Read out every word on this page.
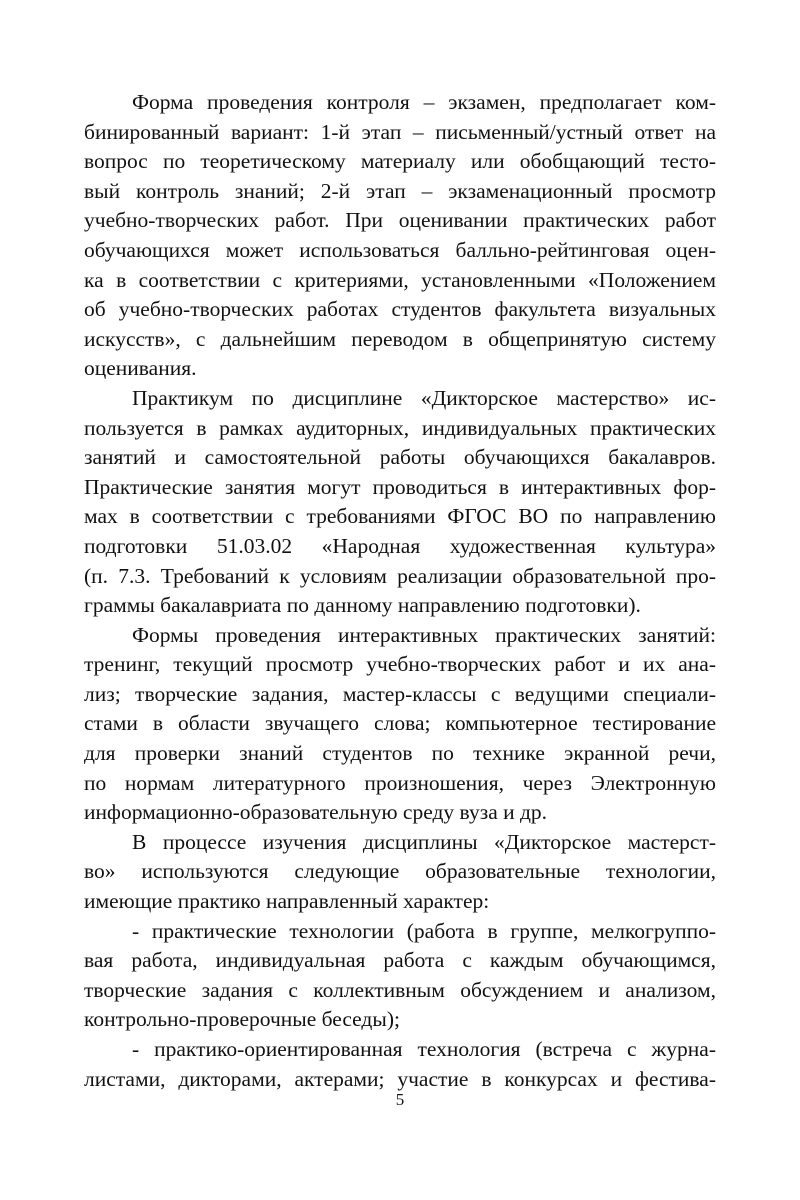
Форма проведения контроля – экзамен, предполагает ком-
бинированный вариант: 1-й этап – письменный/устный ответ на
вопрос по теоретическому материалу или обобщающий тесто-
вый контроль знаний; 2-й этап – экзаменационный просмотр
учебно-творческих работ. При оценивании практических работ
обучающихся может использоваться балльно-рейтинговая оцен-
ка в соответствии с критериями, установленными «Положением
об учебно-творческих работах студентов факультета визуальных
искусств», с дальнейшим переводом в общепринятую систему
оценивания.
Практикум по дисциплине «Дикторское мастерство» ис-
пользуется в рамках аудиторных, индивидуальных практических
занятий и самостоятельной работы обучающихся бакалавров.
Практические занятия могут проводиться в интерактивных фор-
мах в соответствии с требованиями ФГОС ВО по направлению
подготовки 51.03.02 «Народная художественная культура»
(п. 7.3. Требований к условиям реализации образовательной про-
граммы бакалавриата по данному направлению подготовки).
Формы проведения интерактивных практических занятий:
тренинг, текущий просмотр учебно-творческих работ и их ана-
лиз; творческие задания, мастер-классы с ведущими специали-
стами в области звучащего слова; компьютерное тестирование
для проверки знаний студентов по технике экранной речи,
по нормам литературного произношения, через Электронную
информационно-образовательную среду вуза и др.
В процессе изучения дисциплины «Дикторское мастерст-
во» используются следующие образовательные технологии,
имеющие практико направленный характер:
- практические технологии (работа в группе, мелкогруппо-
вая работа, индивидуальная работа с каждым обучающимся,
творческие задания с коллективным обсуждением и анализом,
контрольно-проверочные беседы);
- практико-ориентированная технология (встреча с журна-
листами, дикторами, актерами; участие в конкурсах и фестива-
5
